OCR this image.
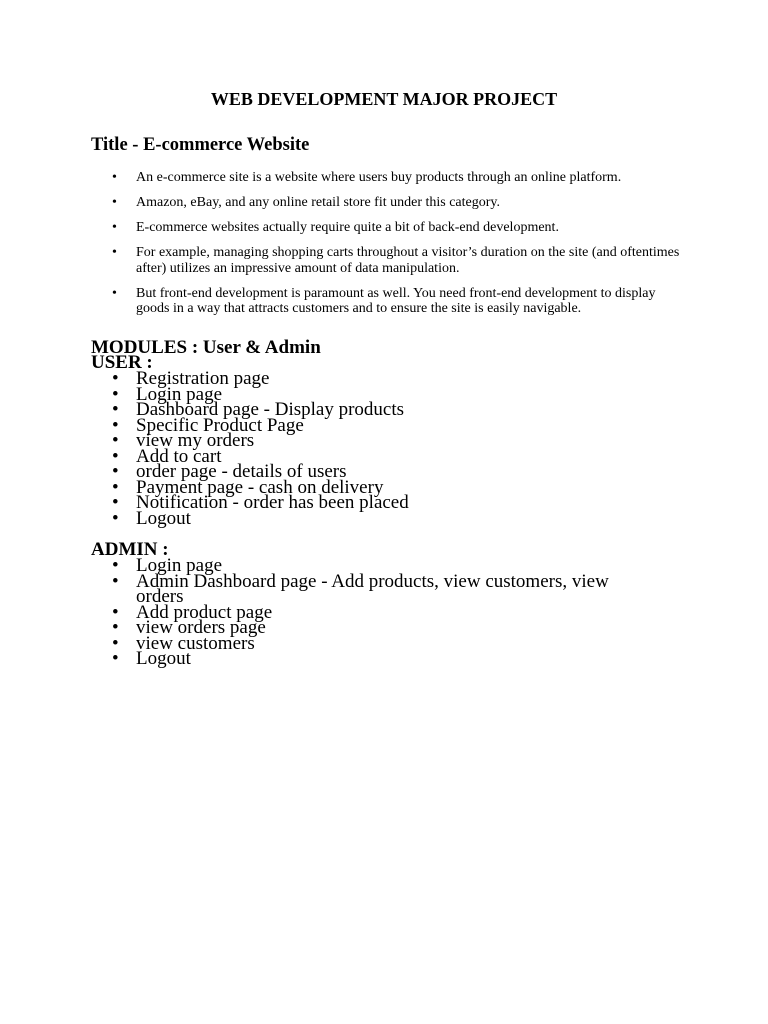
WEB DEVELOPMENT MAJOR PROJECT
Title - E-commerce Website
• An e-commerce site is a website where users buy products through an online platform.
• Amazon, eBay, and any online retail store fit under this category.
• E-commerce websites actually require quite a bit of back-end development.
• For example, managing shopping carts throughout a visitor’s duration on the site (and oftentimes after) utilizes an impressive amount of data manipulation.
• But front-end development is paramount as well. You need front-end development to display goods in a way that attracts customers and to ensure the site is easily navigable.
MODULES : User & Admin
USER :
• Registration page
• Login page
• Dashboard page - Display products
• Specific Product Page
• view my orders
• Add to cart
• order page - details of users
• Payment page - cash on delivery
• Notification - order has been placed
• Logout
ADMIN :
• Login page
• Admin Dashboard page - Add products, view customers, view orders
• Add product page
• view orders page
• view customers
• Logout
